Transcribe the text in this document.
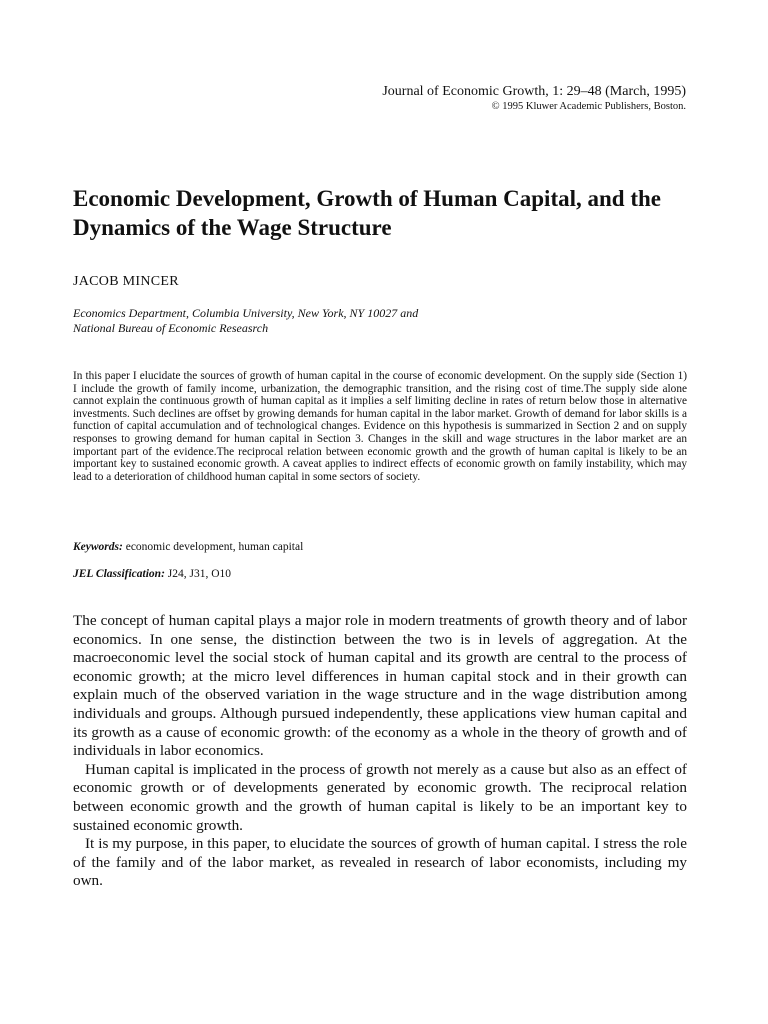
Journal of Economic Growth, 1: 29–48 (March, 1995)
© 1995 Kluwer Academic Publishers, Boston.
Economic Development, Growth of Human Capital, and the Dynamics of the Wage Structure
JACOB MINCER
Economics Department, Columbia University, New York, NY 10027 and
National Bureau of Economic Reseasrch

In this paper I elucidate the sources of growth of human capital in the course of economic development. On the supply side (Section 1) I include the growth of family income, urbanization, the demographic transition, and the rising cost of time.The supply side alone cannot explain the continuous growth of human capital as it implies a self limiting decline in rates of return below those in alternative investments. Such declines are offset by growing demands for human capital in the labor market. Growth of demand for labor skills is a function of capital accumulation and of technological changes. Evidence on this hypothesis is summarized in Section 2 and on supply responses to growing demand for human capital in Section 3. Changes in the skill and wage structures in the labor market are an important part of the evidence.The reciprocal relation between economic growth and the growth of human capital is likely to be an important key to sustained economic growth. A caveat applies to indirect effects of economic growth on family instability, which may lead to a deterioration of childhood human capital in some sectors of society.

Keywords: economic development, human capital
JEL Classification: J24, J31, O10

The concept of human capital plays a major role in modern treatments of growth theory and of labor economics. In one sense, the distinction between the two is in levels of aggregation. At the macroeconomic level the social stock of human capital and its growth are central to the process of economic growth; at the micro level differences in human capital stock and in their growth can explain much of the observed variation in the wage structure and in the wage distribution among individuals and groups. Although pursued independently, these applications view human capital and its growth as a cause of economic growth: of the economy as a whole in the theory of growth and of individuals in labor economics.

Human capital is implicated in the process of growth not merely as a cause but also as an effect of economic growth or of developments generated by economic growth. The reciprocal relation between economic growth and the growth of human capital is likely to be an important key to sustained economic growth.

It is my purpose, in this paper, to elucidate the sources of growth of human capital. I stress the role of the family and of the labor market, as revealed in research of labor economists, including my own.
